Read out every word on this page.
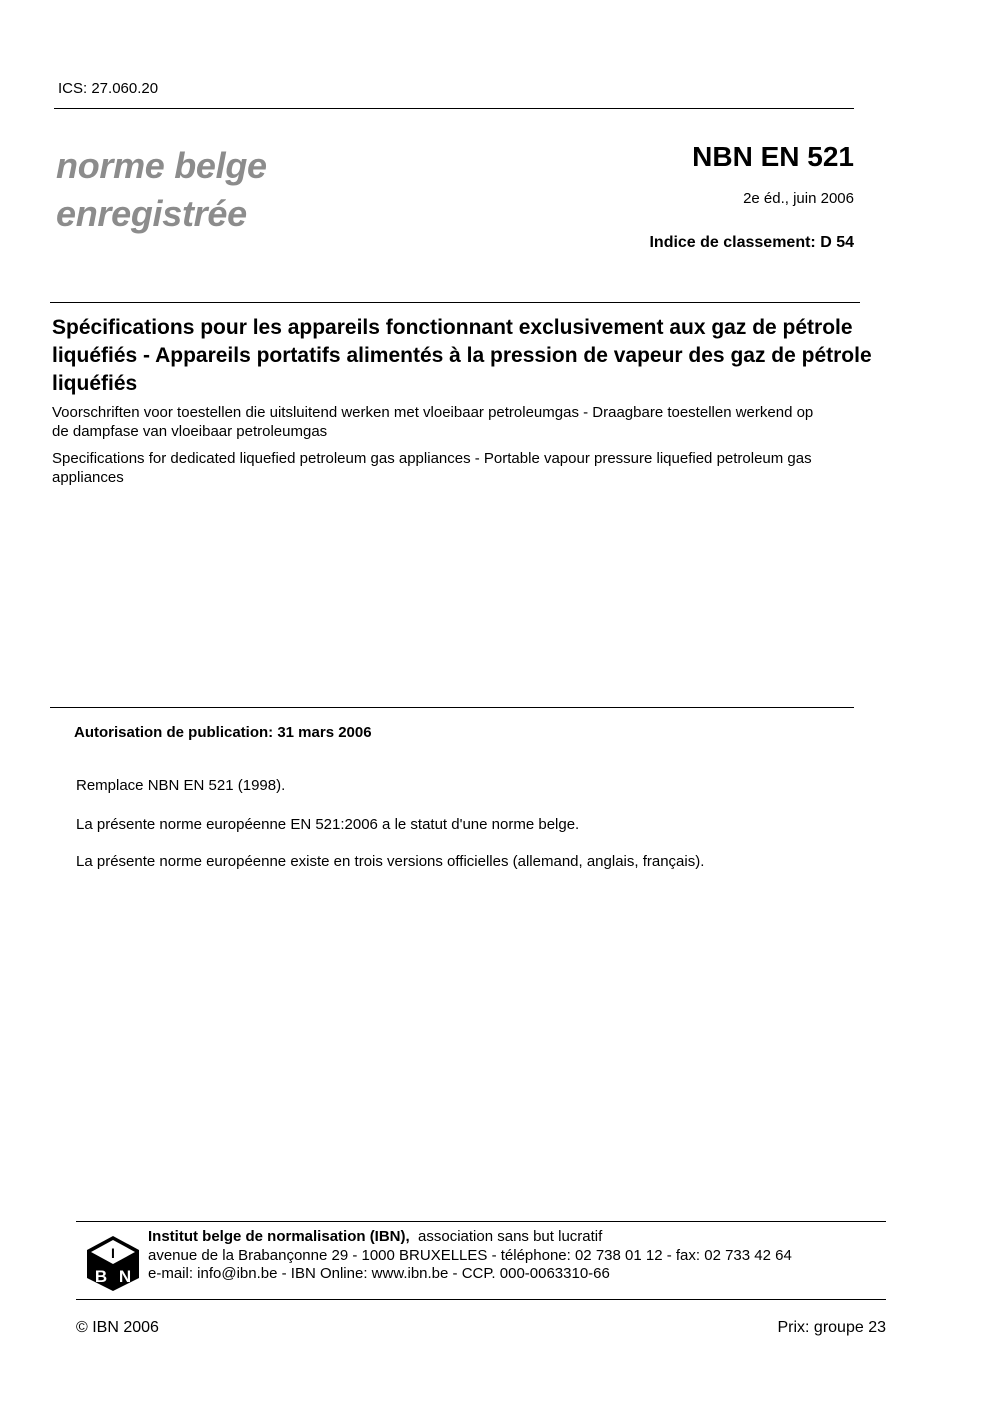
ICS: 27.060.20
norme belge
enregistrée
NBN EN 521
2e éd., juin 2006
Indice de classement: D 54
Spécifications pour les appareils fonctionnant exclusivement aux gaz de pétrole liquéfiés - Appareils portatifs alimentés à la pression de vapeur des gaz de pétrole liquéfiés
Voorschriften voor toestellen die uitsluitend werken met vloeibaar petroleumgas - Draagbare toestellen werkend op de dampfase van vloeibaar petroleumgas
Specifications for dedicated liquefied petroleum gas appliances - Portable vapour pressure liquefied petroleum gas appliances
Autorisation de publication: 31 mars 2006
Remplace NBN EN 521 (1998).
La présente norme européenne EN 521:2006 a le statut d'une norme belge.
La présente norme européenne existe en trois versions officielles (allemand, anglais, français).
I
B N
Institut belge de normalisation (IBN), association sans but lucratif
avenue de la Brabançonne 29 - 1000 BRUXELLES - téléphone: 02 738 01 12 - fax: 02 733 42 64
e-mail: info@ibn.be - IBN Online: www.ibn.be - CCP. 000-0063310-66
© IBN 2006	Prix: groupe 23
